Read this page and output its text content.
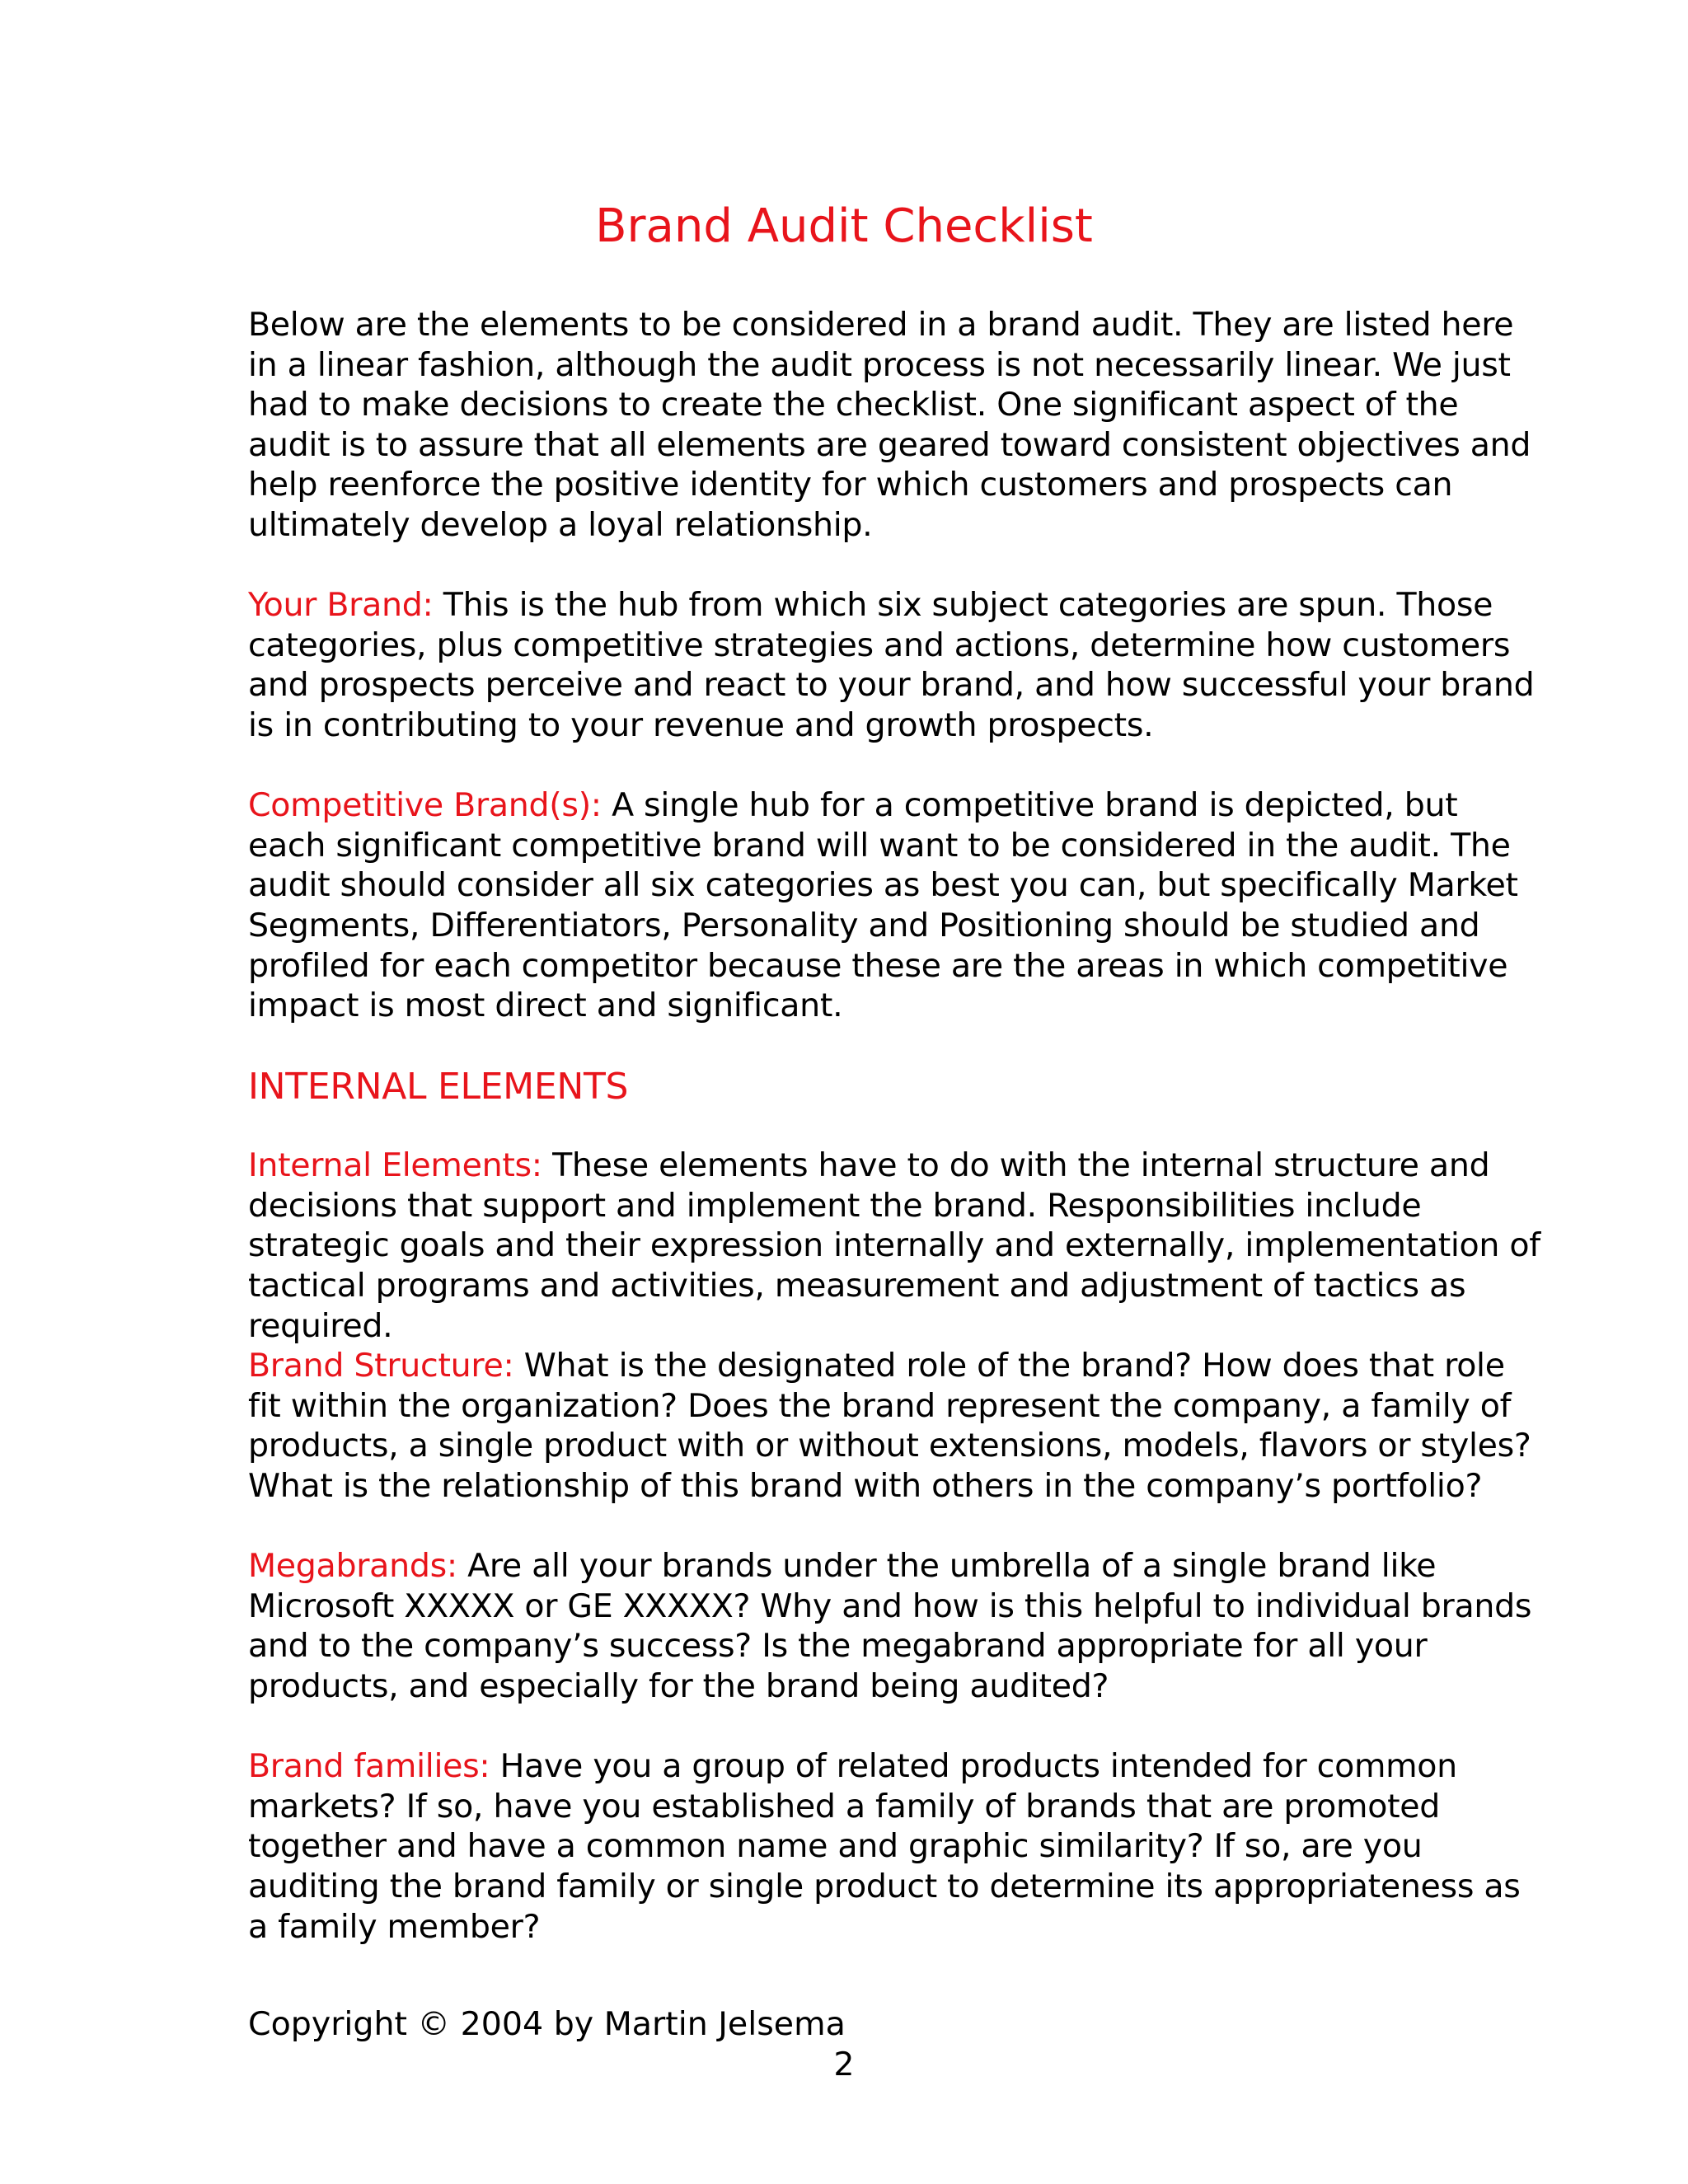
Brand Audit Checklist

Below are the elements to be considered in a brand audit. They are listed here in a linear fashion, although the audit process is not necessarily linear. We just had to make decisions to create the checklist. One significant aspect of the audit is to assure that all elements are geared toward consistent objectives and help reenforce the positive identity for which customers and prospects can ultimately develop a loyal relationship.

Your Brand: This is the hub from which six subject categories are spun. Those categories, plus competitive strategies and actions, determine how customers and prospects perceive and react to your brand, and how successful your brand is in contributing to your revenue and growth prospects.

Competitive Brand(s): A single hub for a competitive brand is depicted, but each significant competitive brand will want to be considered in the audit. The audit should consider all six categories as best you can, but specifically Market Segments, Differentiators, Personality and Positioning should be studied and profiled for each competitor because these are the areas in which competitive impact is most direct and significant.

INTERNAL ELEMENTS

Internal Elements: These elements have to do with the internal structure and decisions that support and implement the brand. Responsibilities include strategic goals and their expression internally and externally, implementation of tactical programs and activities, measurement and adjustment of tactics as required.

Brand Structure: What is the designated role of the brand? How does that role fit within the organization? Does the brand represent the company, a family of products, a single product with or without extensions, models, flavors or styles? What is the relationship of this brand with others in the company’s portfolio?

Megabrands: Are all your brands under the umbrella of a single brand like Microsoft XXXXX or GE XXXXX? Why and how is this helpful to individual brands and to the company’s success? Is the megabrand appropriate for all your products, and especially for the brand being audited?

Brand families: Have you a group of related products intended for common markets? If so, have you established a family of brands that are promoted together and have a common name and graphic similarity? If so, are you auditing the brand family or single product to determine its appropriateness as a family member?

Copyright © 2004 by Martin Jelsema
2
